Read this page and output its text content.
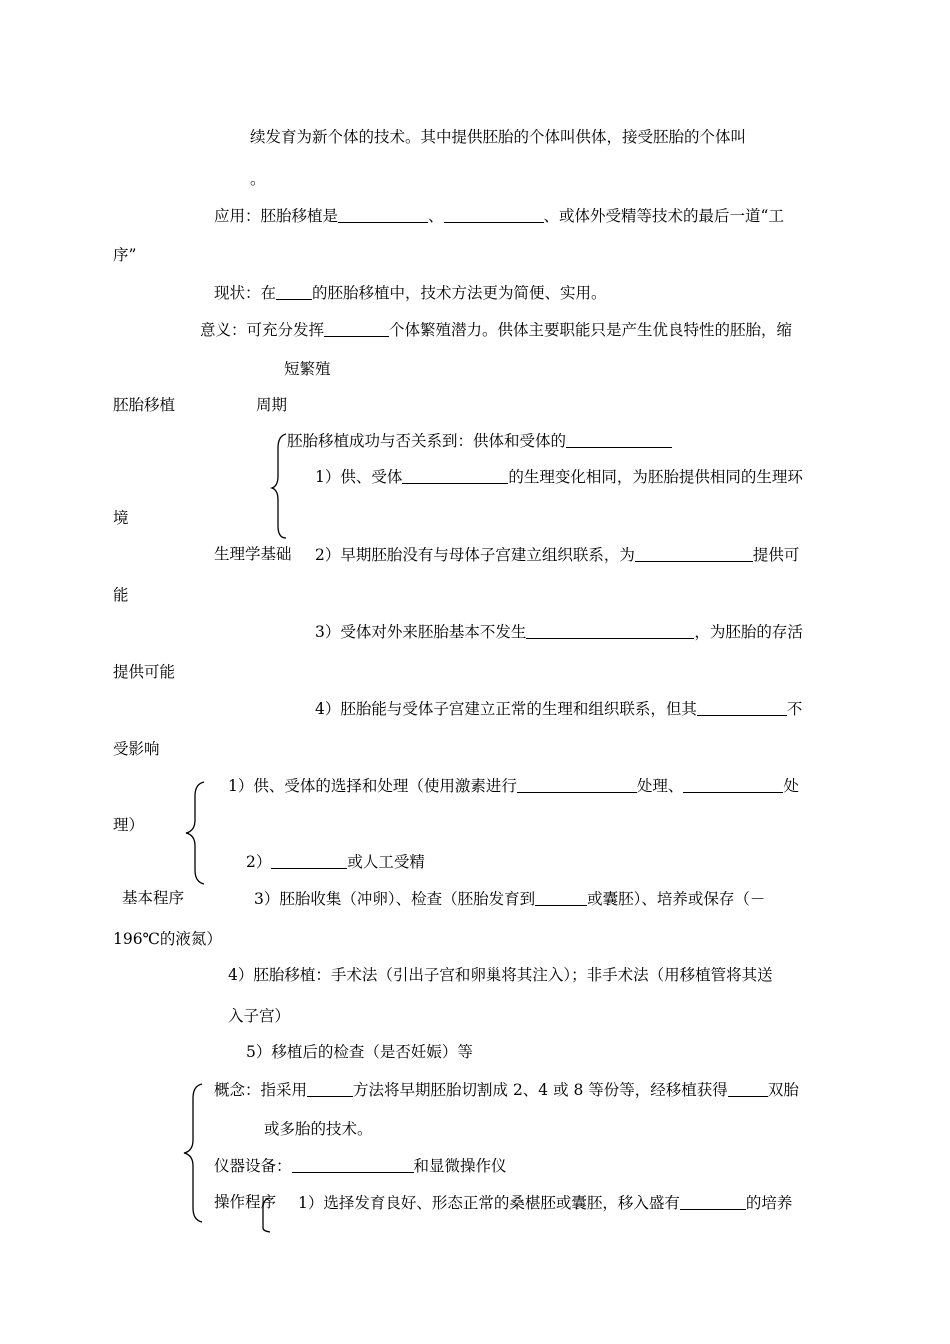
续发育为新个体的技术。其中提供胚胎的个体叫供体，接受胚胎的个体叫
。
应用：胚胎移植是	、	、或体外受精等技术的最后一道“工
序”
现状：在 的胚胎移植中，技术方法更为简便、实用。
意义：可充分发挥	个体繁殖潜力。供体主要职能只是产生优良特性的胚胎，缩
短繁殖
胚胎移植	周期
胚胎移植成功与否关系到：供体和受体的
1）供、受体	的生理变化相同，为胚胎提供相同的生理环
境
生理学基础 2）早期胚胎没有与母体子宫建立组织联系，为	提供可
能
3）受体对外来胚胎基本不发生	，为胚胎的存活
提供可能
4）胚胎能与受体子宫建立正常的生理和组织联系，但其	不
受影响
1）供、受体的选择和处理（使用激素进行	处理、	处
理）
2）	或人工受精
基本程序	3）胚胎收集（冲卵）、检查（胚胎发育到	或囊胚）、培养或保存（－
196℃的液氮）
4）胚胎移植：手术法（引出子宫和卵巢将其注入）；非手术法（用移植管将其送
入子宫）
5）移植后的检查（是否妊娠）等
概念：指采用	方法将早期胚胎切割成 2、4 或 8 等份等，经移植获得	双胎
或多胎的技术。
仪器设备：	和显微操作仪
操作程序 1）选择发育良好、形态正常的桑椹胚或囊胚，移入盛有	的培养
